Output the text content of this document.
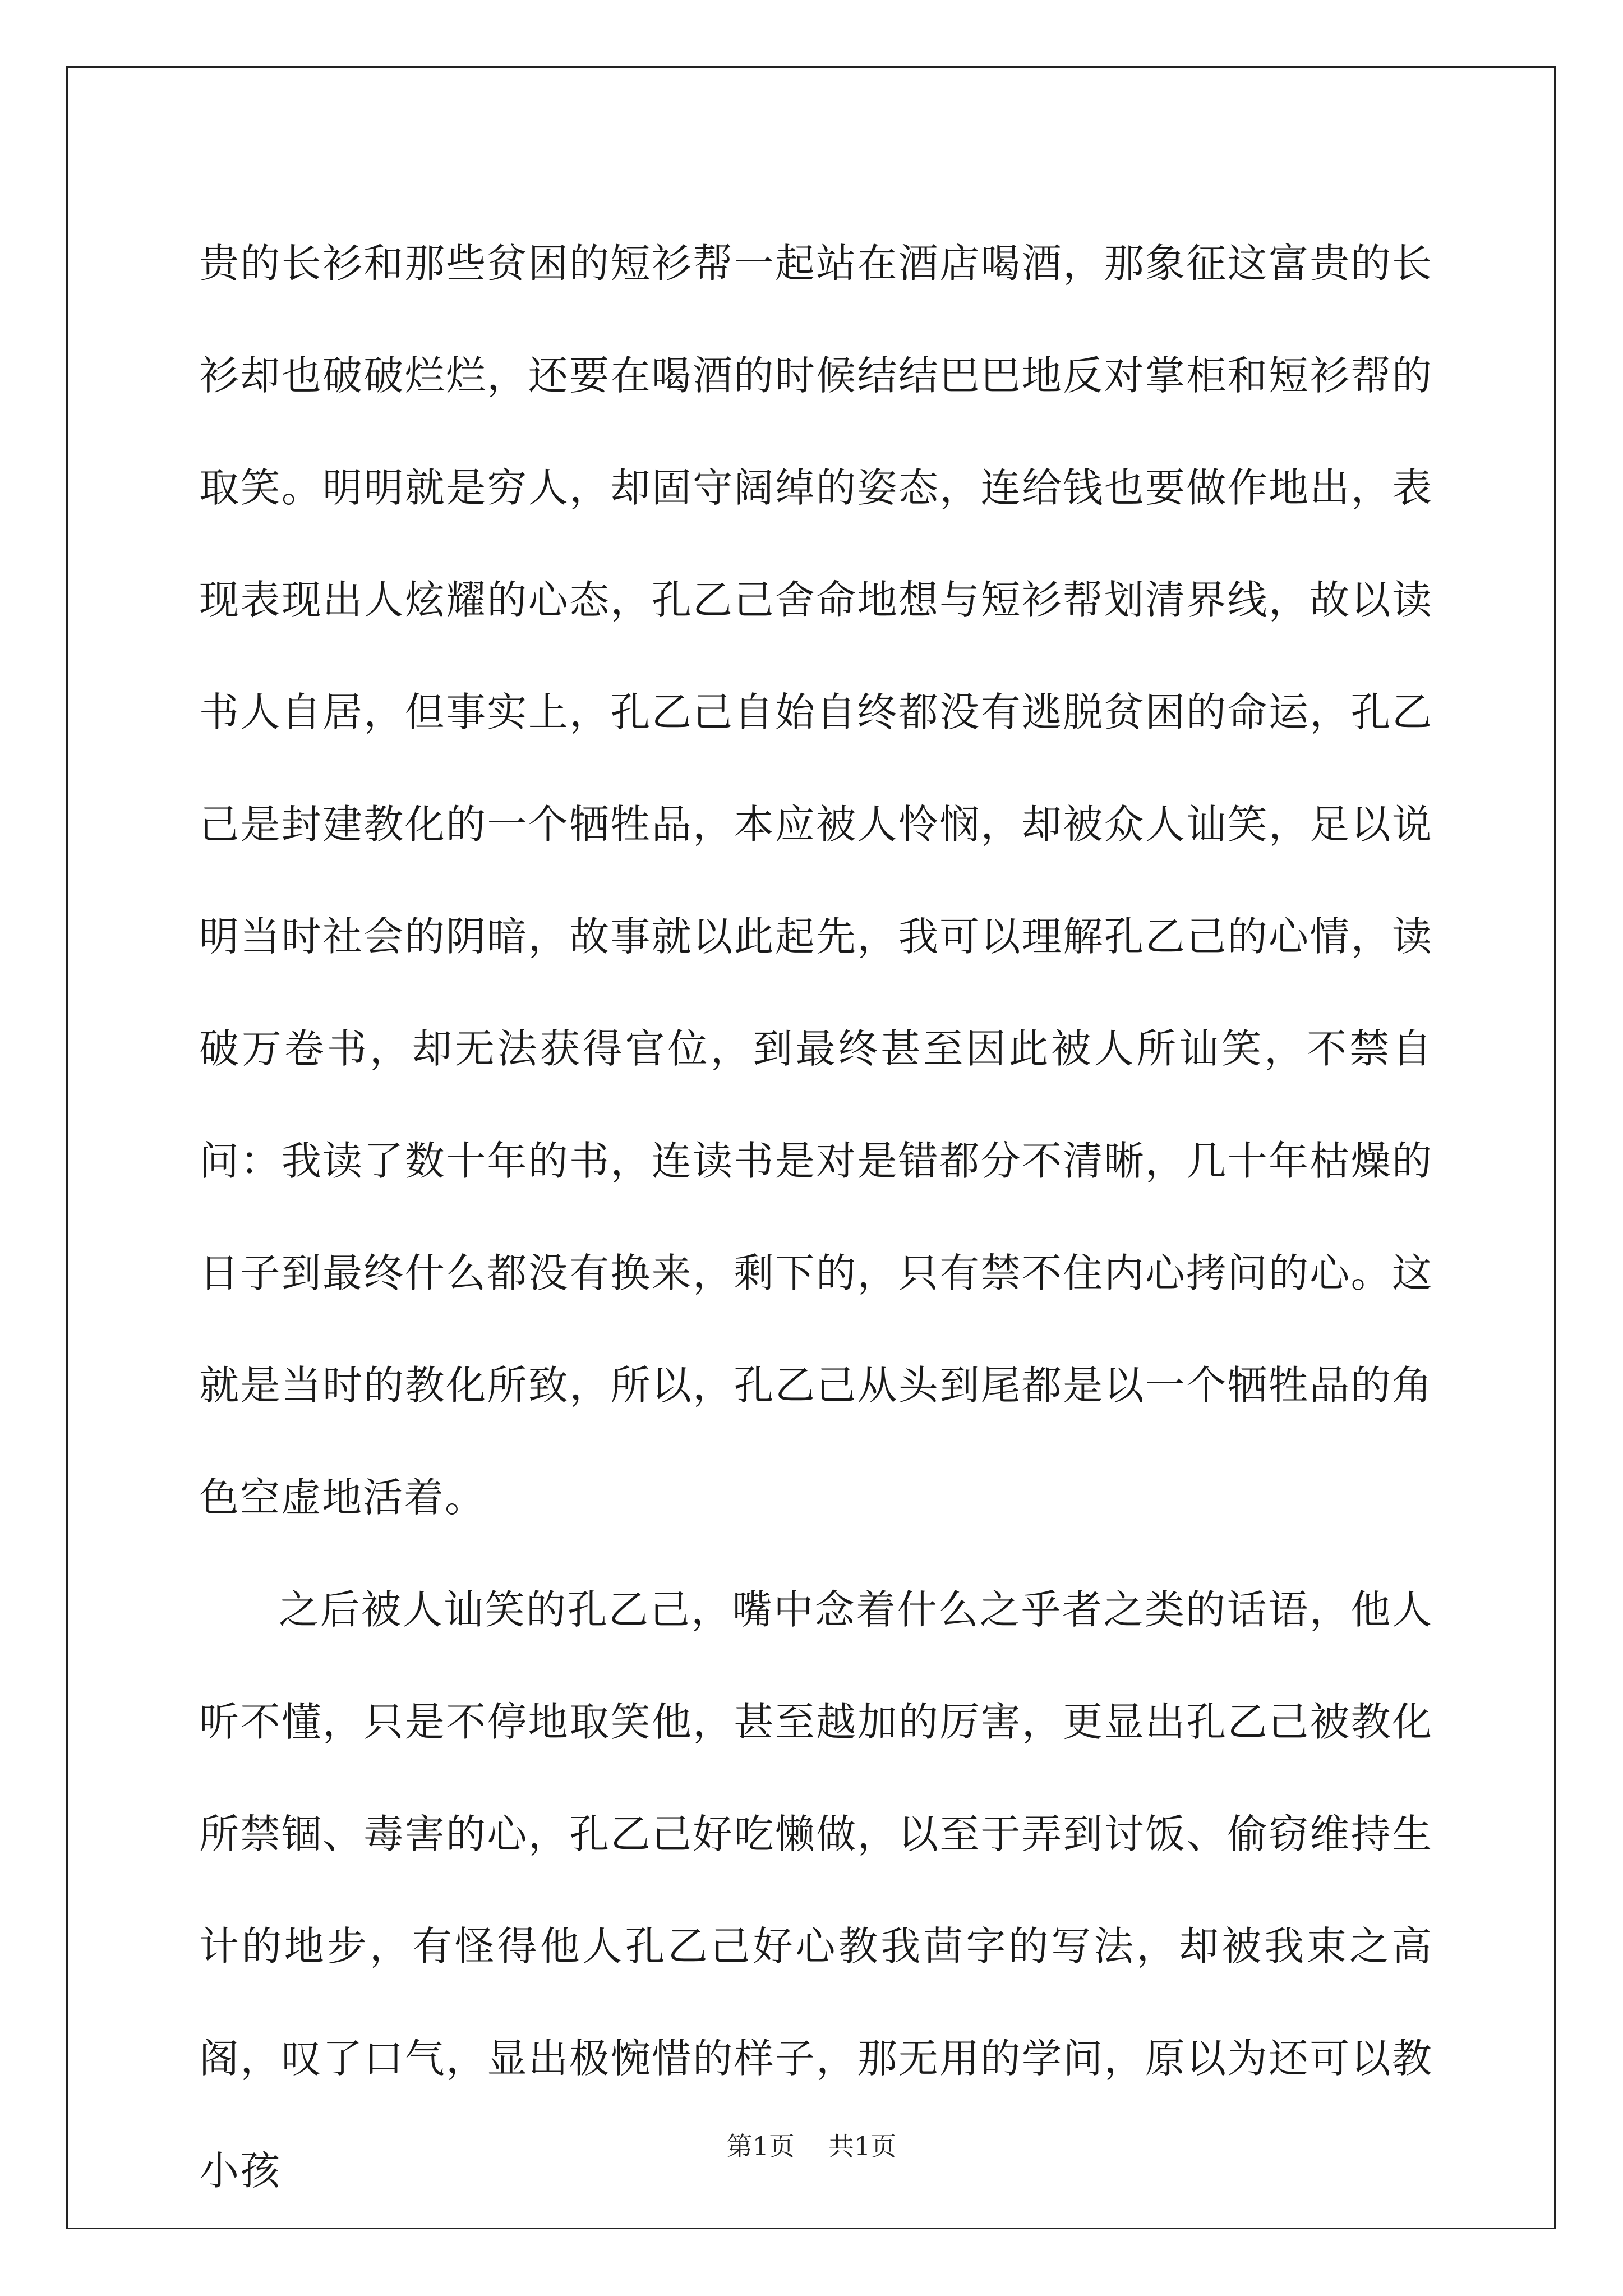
贵的长衫和那些贫困的短衫帮一起站在酒店喝酒，那象征这富贵的长衫却也破破烂烂，还要在喝酒的时候结结巴巴地反对掌柜和短衫帮的取笑。明明就是穷人，却固守阔绰的姿态，连给钱也要做作地出，表现表现出人炫耀的心态，孔乙己舍命地想与短衫帮划清界线，故以读书人自居，但事实上，孔乙己自始自终都没有逃脱贫困的命运，孔乙己是封建教化的一个牺牲品，本应被人怜悯，却被众人讪笑，足以说明当时社会的阴暗，故事就以此起先，我可以理解孔乙己的心情，读破万卷书，却无法获得官位，到最终甚至因此被人所讪笑，不禁自问：我读了数十年的书，连读书是对是错都分不清晰，几十年枯燥的日子到最终什么都没有换来，剩下的，只有禁不住内心拷问的心。这就是当时的教化所致，所以，孔乙己从头到尾都是以一个牺牲品的角色空虚地活着。

之后被人讪笑的孔乙己，嘴中念着什么之乎者之类的话语，他人听不懂，只是不停地取笑他，甚至越加的厉害，更显出孔乙己被教化所禁锢、毒害的心，孔乙己好吃懒做，以至于弄到讨饭、偷窃维持生计的地步，有怪得他人孔乙己好心教我茴字的写法，却被我束之高阁，叹了口气，显出极惋惜的样子，那无用的学问，原以为还可以教小孩

第1页 共1页
